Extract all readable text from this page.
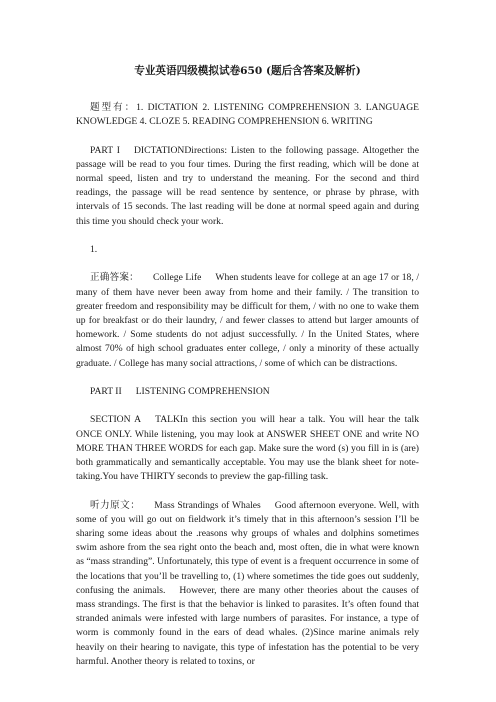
专业英语四级模拟试卷650 (题后含答案及解析)

题型有：1. DICTATION 2. LISTENING COMPREHENSION 3. LANGUAGE KNOWLEDGE 4. CLOZE 5. READING COMPREHENSION 6. WRITING

PART I DICTATIONDirections: Listen to the following passage. Altogether the passage will be read to you four times. During the first reading, which will be done at normal speed, listen and try to understand the meaning. For the second and third readings, the passage will be read sentence by sentence, or phrase by phrase, with intervals of 15 seconds. The last reading will be done at normal speed again and during this time you should check your work.

1.

正确答案： College Life When students leave for college at an age 17 or 18, / many of them have never been away from home and their family. / The transition to greater freedom and responsibility may be difficult for them, / with no one to wake them up for breakfast or do their laundry, / and fewer classes to attend but larger amounts of homework. / Some students do not adjust successfully. / In the United States, where almost 70% of high school graduates enter college, / only a minority of these actually graduate. / College has many social attractions, / some of which can be distractions.

PART II LISTENING COMPREHENSION

SECTION A TALKIn this section you will hear a talk. You will hear the talk ONCE ONLY. While listening, you may look at ANSWER SHEET ONE and write NO MORE THAN THREE WORDS for each gap. Make sure the word (s) you fill in is (are) both grammatically and semantically acceptable. You may use the blank sheet for note-taking.You have THIRTY seconds to preview the gap-filling task.

听力原文： Mass Strandings of Whales Good afternoon everyone. Well, with some of you will go out on fieldwork it’s timely that in this afternoon’s session I’ll be sharing some ideas about the .reasons why groups of whales and dolphins sometimes swim ashore from the sea right onto the beach and, most often, die in what were known as “mass stranding”. Unfortunately, this type of event is a frequent occurrence in some of the locations that you’ll be travelling to, (1) where sometimes the tide goes out suddenly, confusing the animals. However, there are many other theories about the causes of mass strandings. The first is that the behavior is linked to parasites. It’s often found that stranded animals were infested with large numbers of parasites. For instance, a type of worm is commonly found in the ears of dead whales. (2)Since marine animals rely heavily on their hearing to navigate, this type of infestation has the potential to be very harmful. Another theory is related to toxins, or
